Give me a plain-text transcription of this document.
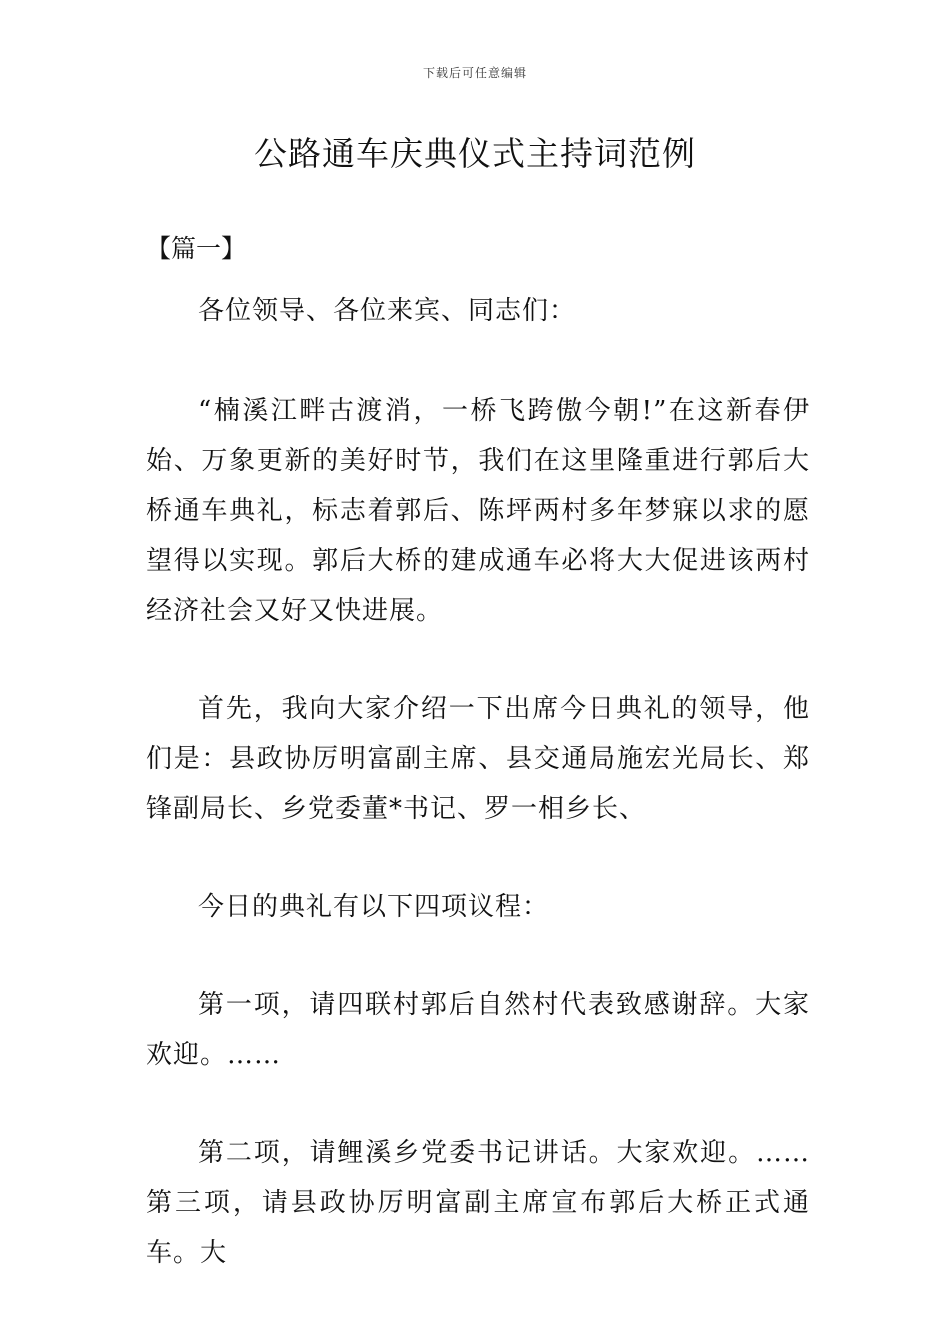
下载后可任意编辑
公路通车庆典仪式主持词范例

【篇一】

各位领导、各位来宾、同志们：

“楠溪江畔古渡消，一桥飞跨傲今朝!”在这新春伊始、万象更新的美好时节，我们在这里隆重进行郭后大桥通车典礼，标志着郭后、陈坪两村多年梦寐以求的愿望得以实现。郭后大桥的建成通车必将大大促进该两村经济社会又好又快进展。

首先，我向大家介绍一下出席今日典礼的领导，他们是：县政协厉明富副主席、县交通局施宏光局长、郑锋副局长、乡党委董*书记、罗一相乡长、

今日的典礼有以下四项议程：

第一项，请四联村郭后自然村代表致感谢辞。大家欢迎。……

第二项，请鲤溪乡党委书记讲话。大家欢迎。……第三项，请县政协厉明富副主席宣布郭后大桥正式通车。大
